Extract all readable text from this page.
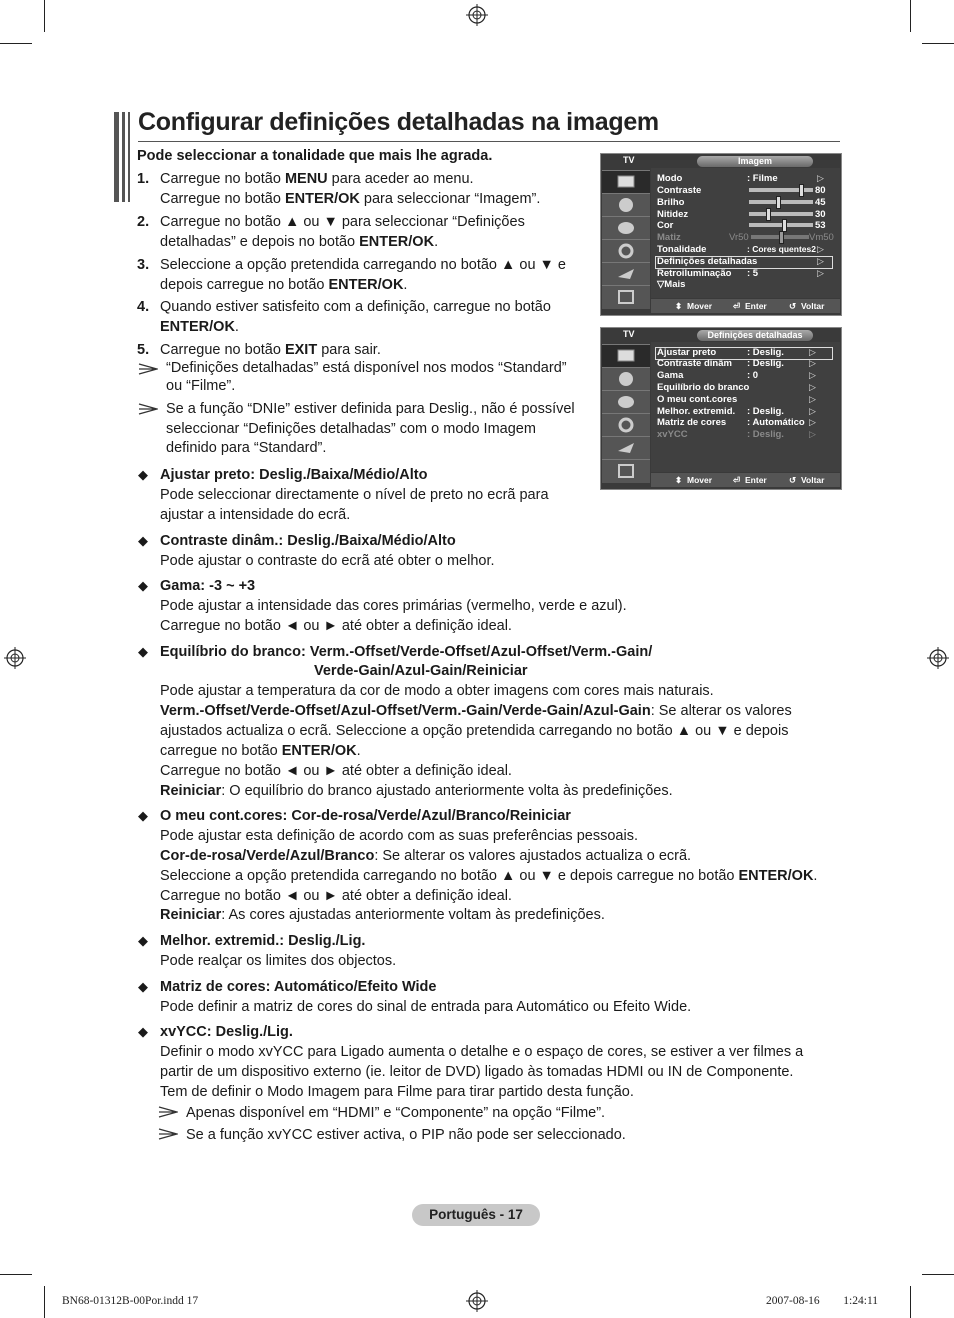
Configurar definições detalhadas na imagem
Pode seleccionar a tonalidade que mais lhe agrada.
1. Carregue no botão MENU para aceder ao menu.
Carregue no botão ENTER/OK para seleccionar “Imagem”.
2. Carregue no botão ▲ ou ▼ para seleccionar “Definições
detalhadas” e depois no botão ENTER/OK.
3. Seleccione a opção pretendida carregando no botão ▲ ou ▼ e
depois carregue no botão ENTER/OK.
4. Quando estiver satisfeito com a definição, carregue no botão
ENTER/OK.
5. Carregue no botão EXIT para sair.
“Definições detalhadas” está disponível nos modos “Standard”
ou “Filme”.
Se a função “DNIe” estiver definida para Deslig., não é possível
seleccionar “Definições detalhadas” com o modo Imagem
definido para “Standard”.
◆ Ajustar preto: Deslig./Baixa/Médio/Alto
Pode seleccionar directamente o nível de preto no ecrã para
ajustar a intensidade do ecrã.
◆ Contraste dinâm.: Deslig./Baixa/Médio/Alto
Pode ajustar o contraste do ecrã até obter o melhor.
◆ Gama: -3 ~ +3
Pode ajustar a intensidade das cores primárias (vermelho, verde e azul).
Carregue no botão ◄ ou ► até obter a definição ideal.
◆ Equilíbrio do branco: Verm.-Offset/Verde-Offset/Azul-Offset/Verm.-Gain/
Verde-Gain/Azul-Gain/Reiniciar
Pode ajustar a temperatura da cor de modo a obter imagens com cores mais naturais.
Verm.-Offset/Verde-Offset/Azul-Offset/Verm.-Gain/Verde-Gain/Azul-Gain: Se alterar os valores
ajustados actualiza o ecrã. Seleccione a opção pretendida carregando no botão ▲ ou ▼ e depois
carregue no botão ENTER/OK.
Carregue no botão ◄ ou ► até obter a definição ideal.
Reiniciar: O equilíbrio do branco ajustado anteriormente volta às predefinições.
◆ O meu cont.cores: Cor-de-rosa/Verde/Azul/Branco/Reiniciar
Pode ajustar esta definição de acordo com as suas preferências pessoais.
Cor-de-rosa/Verde/Azul/Branco: Se alterar os valores ajustados actualiza o ecrã.
Seleccione a opção pretendida carregando no botão ▲ ou ▼ e depois carregue no botão ENTER/OK.
Carregue no botão ◄ ou ► até obter a definição ideal.
Reiniciar: As cores ajustadas anteriormente voltam às predefinições.
◆ Melhor. extremid.: Deslig./Lig.
Pode realçar os limites dos objectos.
◆ Matriz de cores: Automático/Efeito Wide
Pode definir a matriz de cores do sinal de entrada para Automático ou Efeito Wide.
◆ xvYCC: Deslig./Lig.
Definir o modo xvYCC para Ligado aumenta o detalhe e o espaço de cores, se estiver a ver filmes a
partir de um dispositivo externo (ie. leitor de DVD) ligado às tomadas HDMI ou IN de Componente.
Tem de definir o Modo Imagem para Filme para tirar partido desta função.
Apenas disponível em “HDMI” e “Componente” na opção “Filme”.
Se a função xvYCC estiver activa, o PIP não pode ser seleccionado.
TV	Imagem
Modo	: Filme	▷
Contraste	80
Brilho	45
Nitidez	30
Cor	53
Matiz	Vr50	Vm50
Tonalidade	: Cores quentes2 ▷
Definições detalhadas	▷
Retroiluminação : 5	▷
▽Mais
⬍ Mover ⏎ Enter	↺ Voltar
TV	Definições detalhadas
Ajustar preto	: Deslig.	▷
Contraste dinâm : Deslig.	▷
Gama	: 0	▷
Equilíbrio do branco	▷
O meu cont.cores	▷
Melhor. extremid. : Deslig.	▷
Matriz de cores : Automático ▷
xvYCC	: Deslig.	▷
⬍ Mover ⏎ Enter	↺ Voltar
Português - 17
BN68-01312B-00Por.indd 17	2007-08-16 ￿￿ 1:24:11
